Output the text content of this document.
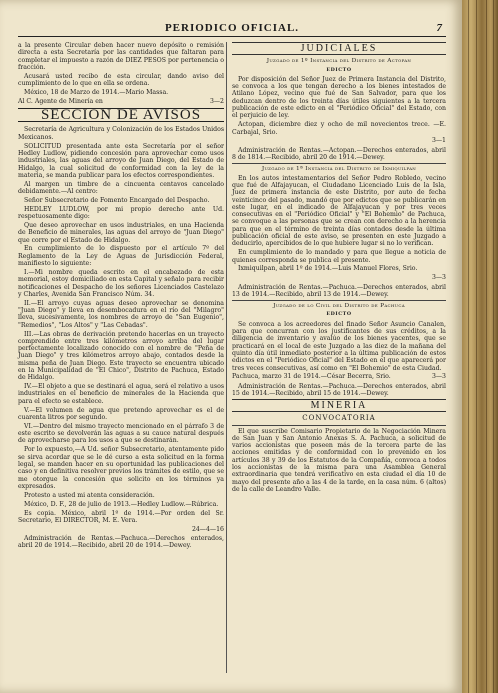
PERIODICO OFICIAL.	7

a la presente Circular deben hacer nuevo depósito o remisión directa a esta Secretaría por las cantidades que faltaran para completar el impuesto a razón de DIEZ PESOS por pertenencia o fracción.

Acusará usted recibo de esta circular, dando aviso del cumplimiento de lo que en ella se ordena.

México, 18 de Marzo de 1914.—Mario Massa.

Al C. Agente de Minería en	3—2
SECCION DE AVISOS

Secretaría de Agricultura y Colonización de los Estados Unidos Mexicanos.

SOLICITUD presentada ante esta Secretaría por el señor Hedley Ludlow, pidiendo concesión para aprovechar como usos industriales, las aguas del arroyo de Juan Diego, del Estado de Hidalgo, la cual solicitud de conformidad con la ley de la materia, se manda publicar para los efectos correspondientes.

Al margen un timbre de a cincuenta centavos cancelado debidamente.—Al centro:

Señor Subsecretario de Fomento Encargado del Despacho.

HEDLEY LUDLOW, por mi propio derecho ante Ud. respetuosamente digo:

Que deseo aprovechar en usos industriales, en una Hacienda de Beneficio de minerales, las aguas del arroyo de "Juan Diego" que corre por el Estado de Hidalgo.

En cumplimiento de lo dispuesto por el artículo 7º del Reglamento de la Ley de Aguas de Jurisdicción Federal, manifiesto lo siguiente:

I.—Mi nombre queda escrito en el encabezado de esta memorial, estoy domiciliado en esta Capital y señalo para recibir notificaciones el Despacho de los señores Licenciados Castelazo y Charles, Avenida San Francisco Núm. 34.

II.—El arroyo cuyas aguas deseo aprovechar se denomina "Juan Diego" y lleva en desembocadura en el río del "Milagro" lleva, sucesivamente, los nombres de arroyo de "San Eugenio", "Remedios", "Los Altos" y "Las Cebadas".

III.—Las obras de derivación pretendo hacerlas en un trayecto comprendido entre tres kilómetros arroyo arriba del lugar perfectamente localizado conocido con el nombre de "Peña de Juan Diego" y tres kilómetros arroyo abajo, contados desde la misma peña de Juan Diego. Este trayecto se encuentra ubicado en la Municipalidad de "El Chico", Distrito de Pachuca, Estado de Hidalgo.

IV.—El objeto a que se destinará el agua, será el relativo a usos industriales en el beneficio de minerales de la Hacienda que para el efecto se establece.

V.—El volumen de agua que pretendo aprovechar es el de cuarenta litros por segundo.

VI.—Dentro del mismo trayecto mencionado en el párrafo 3 de este escrito se devolverán las aguas a su cauce natural después de aprovecharse para los usos a que se destinarán.

Por lo expuesto,—A Ud. señor Subsecretario, atentamente pido se sirva acordar que se le dé curso a esta solicitud en la forma legal, se manden hacer en su oportunidad las publicaciones del caso y en definitiva resolver previos los trámites de estilo, que se me otorgue la concesión que solicito en los términos ya expresados.

Protesto a usted mi atenta consideración.

México, D. F., 28 de julio de 1913.—Hedley Ludlow.—Rúbrica.

Es copia. México, abril 1º de 1914.—Por orden del Sr. Secretario, El DIRECTOR, M. E. Vera.

24—4—16

Administración de Rentas.—Pachuca.—Derechos enterados, abril 20 de 1914.—Recibido, abril 20 de 1914.—Dewey.

JUDICIALES
Juzgado de 1º Instancia del Distrito de Actopan
EDICTO

Por disposición del Señor Juez de Primera Instancia del Distrito, se convoca a los que tengan derecho a los bienes intestados de Atilano López, vecino que fué de San Salvador, para que los deduzcan dentro de los treinta días útiles siguientes a la tercera publicación de este edicto en el "Periódico Oficial" del Estado, con el perjuicio de ley.

Actopan, diciembre diez y ocho de mil novecientos trece. —E. Carbajal, Srio.

3—1

Administración de Rentas.—Actopan.—Derechos enterados, abril 8 de 1814.—Recibido, abril 20 de 1914.—Dewey.

Juzgado de 1ª Instancia del Distrito de Ixmiquilpan

En los autos intestamentarios del Señor Pedro Robledo, vecino que fué de Alfajayucan, el Ciudadano Licenciado Luis de la Isla, Juez de primera instancia de este Distrito, por auto de fecha veinticinco del pasado, mandó que por edictos que se publicarán en este lugar, en el indicado de Alfajayucan y por tres veces consecutivas en el "Periódico Oficial" y "El Bohemio" de Pachuca, se convoque a las personas que se crean con derecho a la herencia para que en el término de treinta días contados desde la última publicación oficial de este aviso, se presenten en este Juzgado a deducirlo, apercibidos de lo que hubiere lugar si no lo verifican.

En cumplimiento de lo mandado y para que llegue a noticia de quienes corresponda se publica el presente.

Ixmiquilpan, abril 1º de 1914.—Luis Manuel Flores, Srio.

3—3

Administración de Rentas.—Pachuca.—Derechos enterados, abril 13 de 1914.—Recibido, abril 13 de 1914.—Dewey.

Juzgado de lo Civil del Distrito de Pachuca
EDICTO

Se convoca a los acreedores del finado Señor Asuncio Canalen, para que concurran con los justificantes de sus créditos, a la diligencia de inventario y avalúo de los bienes yacentes, que se practicará en el local de este Juzgado a las diez de la mañana del quinto día útil inmediato posterior a la última publicación de estos edictos en el "Periódico Oficial" del Estado en el que aparecerá por tres veces consecutivas, así como en "El Bohemio" de esta Ciudad.

Pachuca, marzo 31 de 1914.—César Becerra, Srio.	3—3

Administración de Rentas.—Pachuca.—Derechos enterados, abril 15 de 1914.—Recibido, abril 15 de 1914.—Dewey.

MINERIA
CONVOCATORIA

El que suscribe Comisario Propietario de la Negociación Minera de San Juan y San Antonio Anexas S. A. Pachuca, a solicitud de varios accionistas que poseen más de la tercera parte de las acciones emitidas y de conformidad con lo prevenido en los artículos 38 y 39 de los Estatutos de la Compañía, convoca a todos los accionistas de la misma para una Asamblea General extraordinaria que tendrá verificativo en esta ciudad el día 10 de mayo del presente año a las 4 de la tarde, en la casa núm. 6 (altos) de la calle de Leandro Valle.
